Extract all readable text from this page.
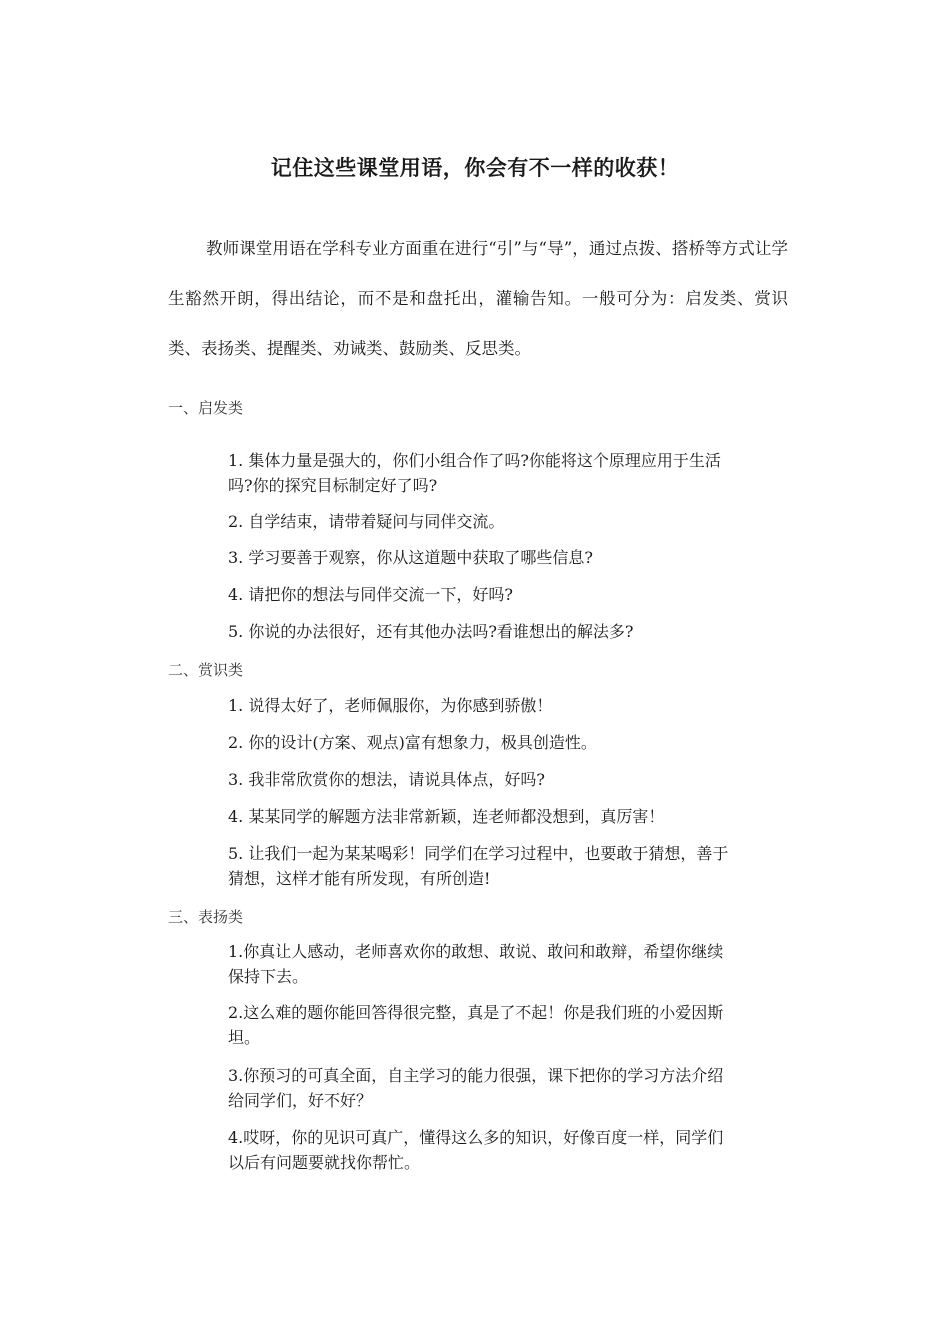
记住这些课堂用语，你会有不一样的收获！

教师课堂用语在学科专业方面重在进行“引”与“导”，通过点拨、搭桥等方式让学生豁然开朗，得出结论，而不是和盘托出，灌输告知。一般可分为：启发类、赏识类、表扬类、提醒类、劝诫类、鼓励类、反思类。

一、启发类

1. 集体力量是强大的，你们小组合作了吗?你能将这个原理应用于生活吗?你的探究目标制定好了吗?

2. 自学结束，请带着疑问与同伴交流。

3. 学习要善于观察，你从这道题中获取了哪些信息?

4. 请把你的想法与同伴交流一下，好吗?

5. 你说的办法很好，还有其他办法吗?看谁想出的解法多?

二、赏识类

1. 说得太好了，老师佩服你，为你感到骄傲！

2. 你的设计(方案、观点)富有想象力，极具创造性。

3. 我非常欣赏你的想法，请说具体点，好吗?

4. 某某同学的解题方法非常新颖，连老师都没想到，真厉害！

5. 让我们一起为某某喝彩！同学们在学习过程中，也要敢于猜想，善于猜想，这样才能有所发现，有所创造!

三、表扬类

1.你真让人感动，老师喜欢你的敢想、敢说、敢问和敢辩，希望你继续保持下去。

2.这么难的题你能回答得很完整，真是了不起！你是我们班的小爱因斯坦。

3.你预习的可真全面，自主学习的能力很强，课下把你的学习方法介绍给同学们，好不好？

4.哎呀，你的见识可真广，懂得这么多的知识，好像百度一样，同学们以后有问题要就找你帮忙。
